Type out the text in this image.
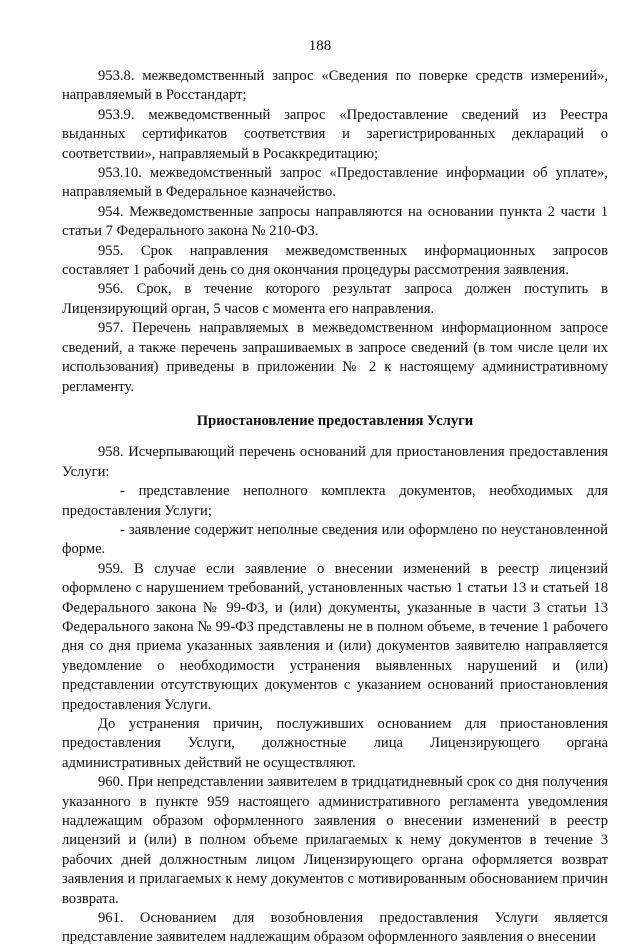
188

953.8. межведомственный запрос «Сведения по поверке средств измерений», направляемый в Росстандарт;

953.9. межведомственный запрос «Предоставление сведений из Реестра выданных сертификатов соответствия и зарегистрированных деклараций о соответствии», направляемый в Росаккредитацию;

953.10. межведомственный запрос «Предоставление информации об уплате», направляемый в Федеральное казначейство.

954. Межведомственные запросы направляются на основании пункта 2 части 1 статьи 7 Федерального закона № 210-ФЗ.

955. Срок направления межведомственных информационных запросов составляет 1 рабочий день со дня окончания процедуры рассмотрения заявления.

956. Срок, в течение которого результат запроса должен поступить в Лицензирующий орган, 5 часов с момента его направления.

957. Перечень направляемых в межведомственном информационном запросе сведений, а также перечень запрашиваемых в запросе сведений (в том числе цели их использования) приведены в приложении № 2 к настоящему административному регламенту.

Приостановление предоставления Услуги

958. Исчерпывающий перечень оснований для приостановления предоставления Услуги:

- представление неполного комплекта документов, необходимых для предоставления Услуги;

- заявление содержит неполные сведения или оформлено по неустановленной форме.

959. В случае если заявление о внесении изменений в реестр лицензий оформлено с нарушением требований, установленных частью 1 статьи 13 и статьей 18 Федерального закона № 99-ФЗ, и (или) документы, указанные в части 3 статьи 13 Федерального закона № 99-ФЗ представлены не в полном объеме, в течение 1 рабочего дня со дня приема указанных заявления и (или) документов заявителю направляется уведомление о необходимости устранения выявленных нарушений и (или) представлении отсутствующих документов с указанием оснований приостановления предоставления Услуги.

До устранения причин, послуживших основанием для приостановления предоставления Услуги, должностные лица Лицензирующего органа административных действий не осуществляют.

960. При непредставлении заявителем в тридцатидневный срок со дня получения указанного в пункте 959 настоящего административного регламента уведомления надлежащим образом оформленного заявления о внесении изменений в реестр лицензий и (или) в полном объеме прилагаемых к нему документов в течение 3 рабочих дней должностным лицом Лицензирующего органа оформляется возврат заявления и прилагаемых к нему документов с мотивированным обоснованием причин возврата.

961. Основанием для возобновления предоставления Услуги является представление заявителем надлежащим образом оформленного заявления о внесении
